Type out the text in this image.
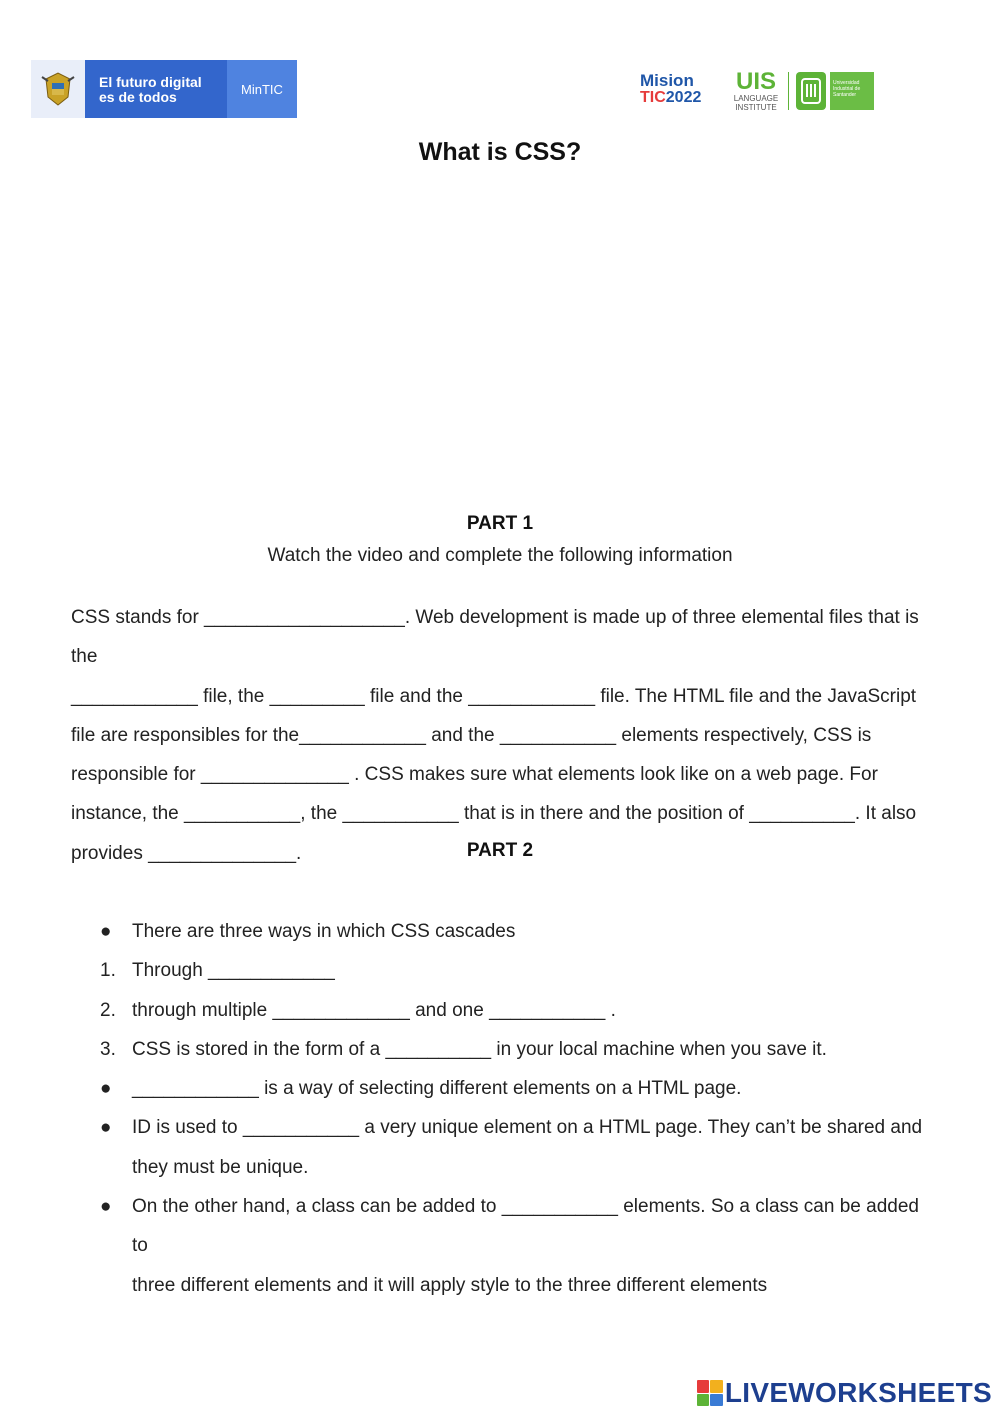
El futuro digital
es de todos	MinTIC	Mision
TIC2022
UIS
LANGUAGE
INSTITUTE
Universidad Industrial de Santander
What is CSS?
PART 1
Watch the video and complete the following information
CSS stands for ___________________. Web development is made up of three elemental files that is the
____________ file, the _________ file and the ____________ file. The HTML file and the JavaScript
file are responsibles for the____________ and the ___________ elements respectively, CSS is
responsible for ______________ . CSS makes sure what elements look like on a web page. For
instance, the ___________, the ___________ that is in there and the position of __________. It also
provides ______________.	PART 2
●	There are three ways in which CSS cascades
1. Through ____________
2. through multiple _____________ and one ___________ .
3. CSS is stored in the form of a __________ in your local machine when you save it.
●	____________ is a way of selecting different elements on a HTML page.
●	ID is used to ___________ a very unique element on a HTML page. They can’t be shared and
they must be unique.
●	On the other hand, a class can be added to ___________ elements. So a class can be added to
three different elements and it will apply style to the three different elements
LIVEWORKSHEETS
